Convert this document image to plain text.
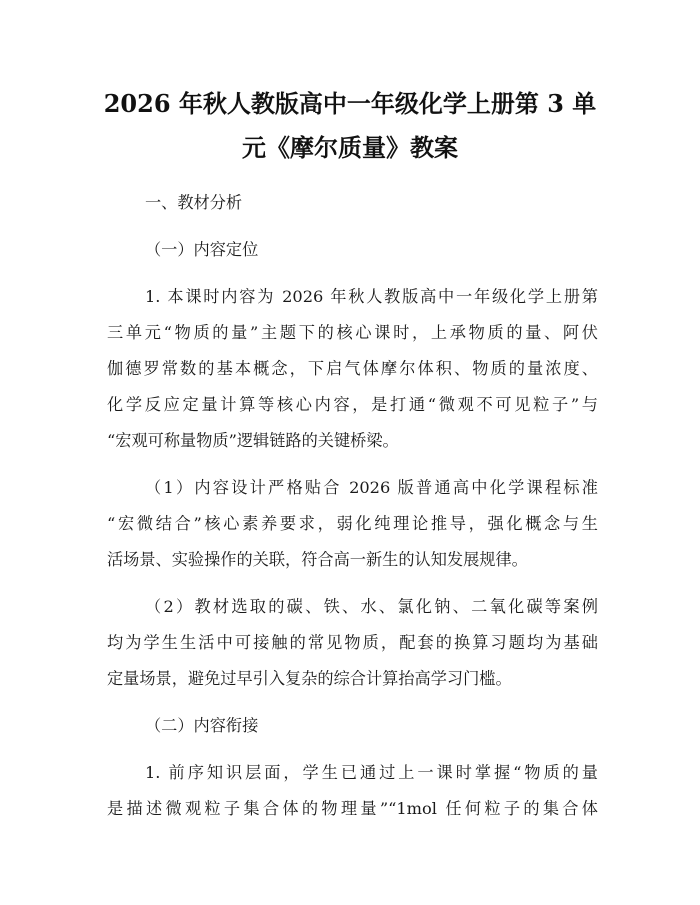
2026 年秋人教版高中一年级化学上册第 3 单
元《摩尔质量》教案
一、教材分析
（一）内容定位
1. 本课时内容为 2026 年秋人教版高中一年级化学上册第
三单元“物质的量”主题下的核心课时，上承物质的量、阿伏
伽德罗常数的基本概念，下启气体摩尔体积、物质的量浓度、
化学反应定量计算等核心内容，是打通“微观不可见粒子”与
“宏观可称量物质”逻辑链路的关键桥梁。
（1）内容设计严格贴合 2026 版普通高中化学课程标准
“宏微结合”核心素养要求，弱化纯理论推导，强化概念与生
活场景、实验操作的关联，符合高一新生的认知发展规律。
（2）教材选取的碳、铁、水、氯化钠、二氧化碳等案例
均为学生生活中可接触的常见物质，配套的换算习题均为基础
定量场景，避免过早引入复杂的综合计算抬高学习门槛。
（二）内容衔接
1. 前序知识层面，学生已通过上一课时掌握“物质的量
是描述微观粒子集合体的物理量”“1mol 任何粒子的集合体
